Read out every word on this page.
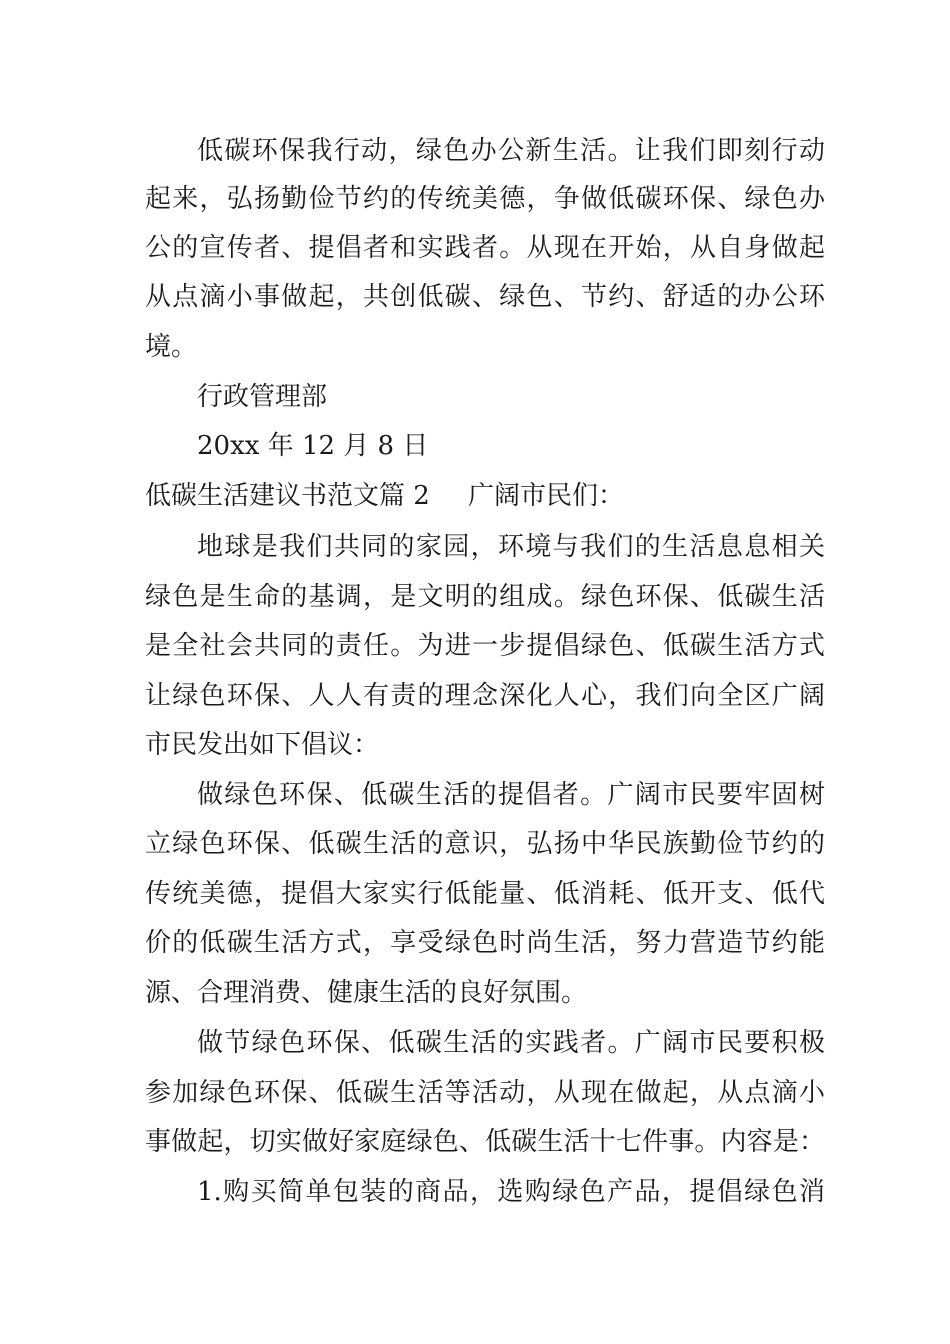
低碳环保我行动，绿色办公新生活。让我们即刻行动
起来，弘扬勤俭节约的传统美德，争做低碳环保、绿色办
公的宣传者、提倡者和实践者。从现在开始，从自身做起
从点滴小事做起，共创低碳、绿色、节约、舒适的办公环
境。
行政管理部
20xx 年 12 月 8 日
低碳生活建议书范文篇 2	广阔市民们：
地球是我们共同的家园，环境与我们的生活息息相关
绿色是生命的基调，是文明的组成。绿色环保、低碳生活
是全社会共同的责任。为进一步提倡绿色、低碳生活方式
让绿色环保、人人有责的理念深化人心，我们向全区广阔
市民发出如下倡议：
做绿色环保、低碳生活的提倡者。广阔市民要牢固树
立绿色环保、低碳生活的意识，弘扬中华民族勤俭节约的
传统美德，提倡大家实行低能量、低消耗、低开支、低代
价的低碳生活方式，享受绿色时尚生活，努力营造节约能
源、合理消费、健康生活的良好氛围。
做节绿色环保、低碳生活的实践者。广阔市民要积极
参加绿色环保、低碳生活等活动，从现在做起，从点滴小
事做起，切实做好家庭绿色、低碳生活十七件事。内容是：
1.购买简单包装的商品，选购绿色产品，提倡绿色消
